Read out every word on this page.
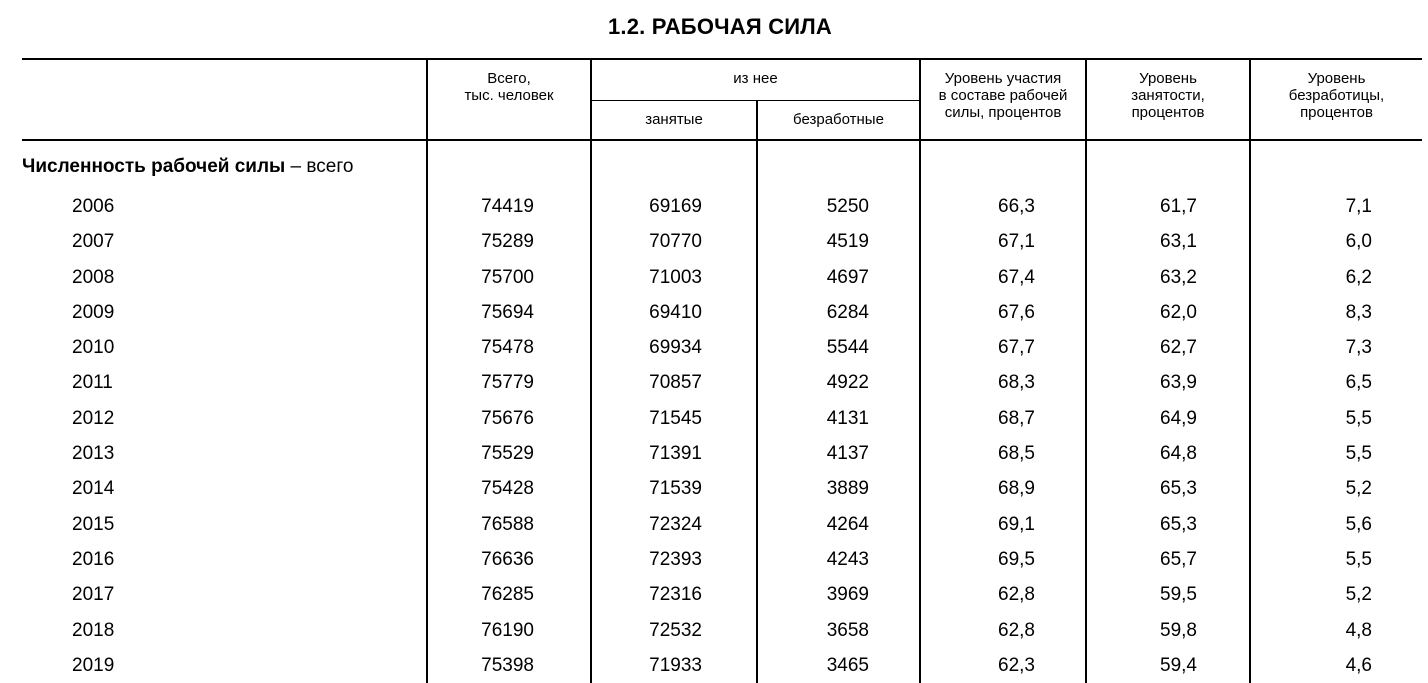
1.2. РАБОЧАЯ СИЛА
	Всего,
тыс. человек	из нее		Уровень участия
в составе рабочей
силы, процентов	Уровень
занятости,
процентов	Уровень
безработицы,
процентов
		занятые	безработные			
Численность рабочей силы – всего						
2006	74419	69169	5250	66,3	61,7	7,1
2007	75289	70770	4519	67,1	63,1	6,0
2008	75700	71003	4697	67,4	63,2	6,2
2009	75694	69410	6284	67,6	62,0	8,3
2010	75478	69934	5544	67,7	62,7	7,3
2011	75779	70857	4922	68,3	63,9	6,5
2012	75676	71545	4131	68,7	64,9	5,5
2013	75529	71391	4137	68,5	64,8	5,5
2014	75428	71539	3889	68,9	65,3	5,2
2015	76588	72324	4264	69,1	65,3	5,6
2016	76636	72393	4243	69,5	65,7	5,5
2017	76285	72316	3969	62,8	59,5	5,2
2018	76190	72532	3658	62,8	59,8	4,8
2019	75398	71933	3465	62,3	59,4	4,6
